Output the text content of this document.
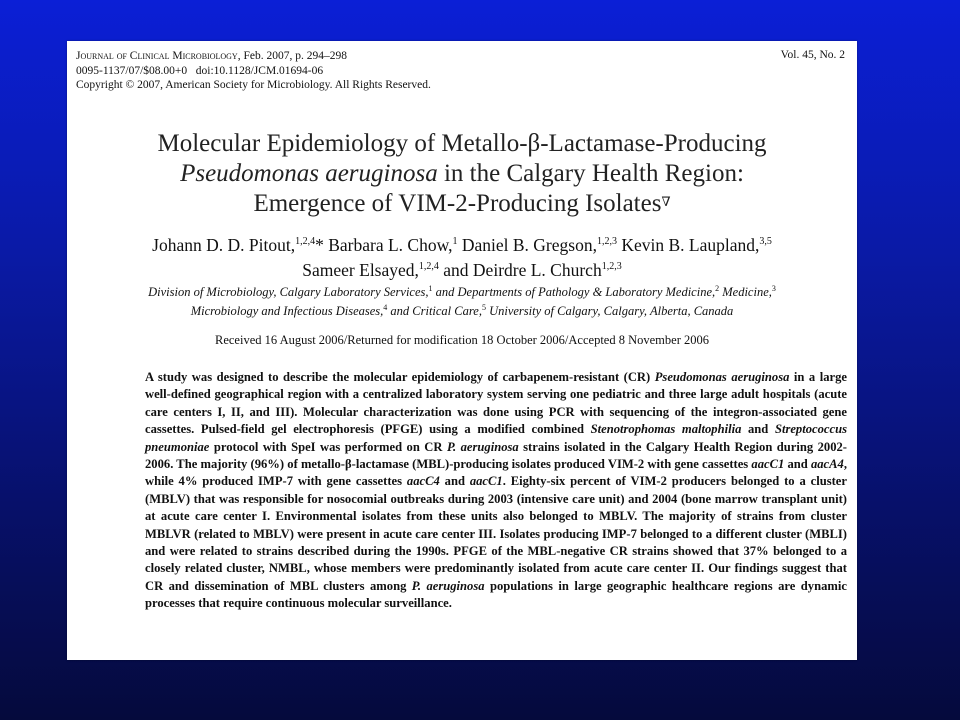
Journal of Clinical Microbiology, Feb. 2007, p. 294–298
0095-1137/07/$08.00+0   doi:10.1128/JCM.01694-06
Copyright © 2007, American Society for Microbiology. All Rights Reserved.
Vol. 45, No. 2
Molecular Epidemiology of Metallo-β-Lactamase-Producing
Pseudomonas aeruginosa in the Calgary Health Region:
Emergence of VIM-2-Producing Isolates∇
Johann D. D. Pitout,$^{1,2,4}$* Barbara L. Chow,$^1$ Daniel B. Gregson,$^{1,2,3}$ Kevin B. Laupland,$^{3,5}$
Sameer Elsayed,$^{1,2,4}$ and Deirdre L. Church$^{1,2,3}$
Division of Microbiology, Calgary Laboratory Services,$^1$ and Departments of Pathology & Laboratory Medicine,$^2$ Medicine,$^3$
Microbiology and Infectious Diseases,$^4$ and Critical Care,$^5$ University of Calgary, Calgary, Alberta, Canada
Received 16 August 2006/Returned for modification 18 October 2006/Accepted 8 November 2006
A study was designed to describe the molecular epidemiology of carbapenem-resistant (CR) Pseudomonas aeruginosa in a large well-defined geographical region with a centralized laboratory system serving one pediatric and three large adult hospitals (acute care centers I, II, and III). Molecular characterization was done using PCR with sequencing of the integron-associated gene cassettes. Pulsed-field gel electrophoresis (PFGE) using a modified combined Stenotrophomas maltophilia and Streptococcus pneumoniae protocol with SpeI was performed on CR P. aeruginosa strains isolated in the Calgary Health Region during 2002-2006. The majority (96%) of metallo-β-lactamase (MBL)-producing isolates produced VIM-2 with gene cassettes aacC1 and aacA4, while 4% produced IMP-7 with gene cassettes aacC4 and aacC1. Eighty-six percent of VIM-2 producers belonged to a cluster (MBLV) that was responsible for nosocomial outbreaks during 2003 (intensive care unit) and 2004 (bone marrow transplant unit) at acute care center I. Environmental isolates from these units also belonged to MBLV. The majority of strains from cluster MBLVR (related to MBLV) were present in acute care center III. Isolates producing IMP-7 belonged to a different cluster (MBLI) and were related to strains described during the 1990s. PFGE of the MBL-negative CR strains showed that 37% belonged to a closely related cluster, NMBL, whose members were predominantly isolated from acute care center II. Our findings suggest that CR and dissemination of MBL clusters among P. aeruginosa populations in large geographic healthcare regions are dynamic processes that require continuous molecular surveillance.
